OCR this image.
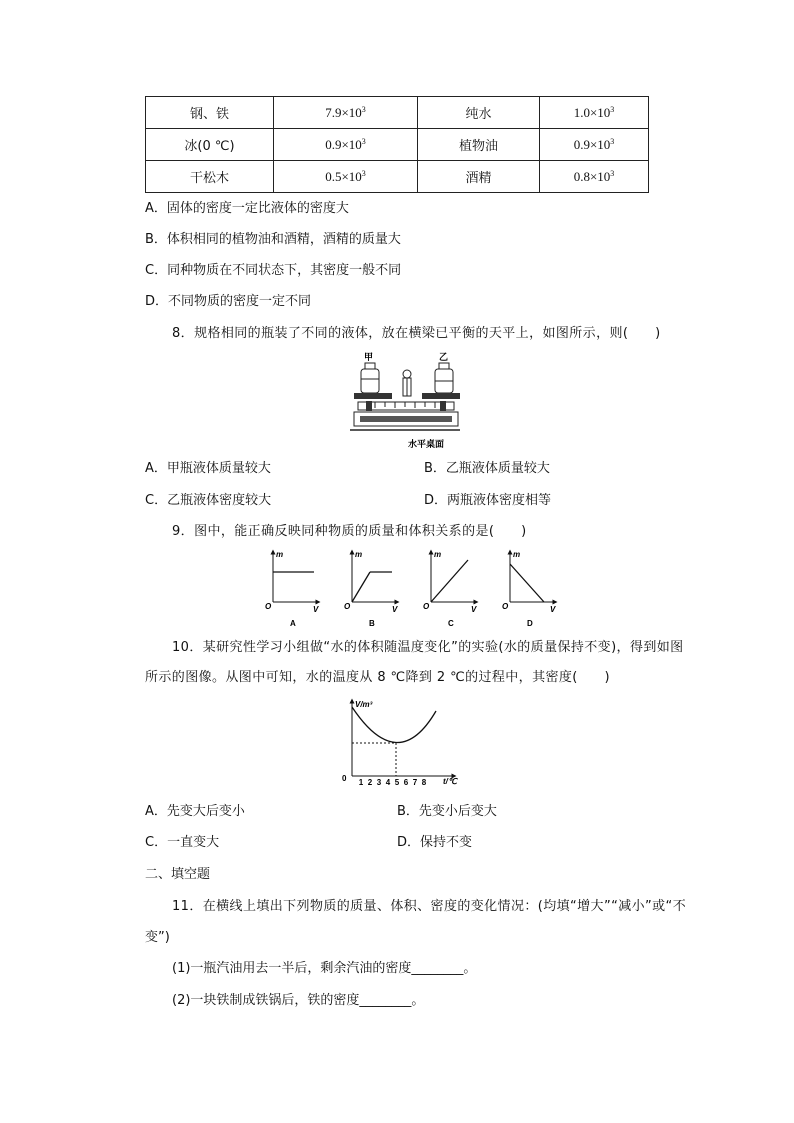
钢、铁	$7.9\times 10^3$	纯水	$1.0\times 10^3$
冰(0 ℃)	$0.9\times 10^3$	植物油	$0.9\times 10^3$
干松木	$0.5\times 10^3$	酒精	$0.8\times 10^3$
A．固体的密度一定比液体的密度大
B．体积相同的植物油和酒精，酒精的质量大
C．同种物质在不同状态下，其密度一般不同
D．不同物质的密度一定不同
8．规格相同的瓶装了不同的液体，放在横梁已平衡的天平上，如图所示，则(　　)
甲	乙
水平桌面
A．甲瓶液体质量较大	B．乙瓶液体质量较大
C．乙瓶液体密度较大	D．两瓶液体密度相等
9．图中，能正确反映同种物质的质量和体积关系的是(　　)
m
O	V
A
m
O	V
B
m
O	V
C
m
O	V
D
10．某研究性学习小组做“水的体积随温度变化”的实验(水的质量保持不变)，得到如图
所示的图像。从图中可知，水的温度从 8 ℃降到 2 ℃的过程中，其密度(　　)
V/m³
t/℃
0 1 2 3 4 5 6 7 8
A．先变大后变小	B．先变小后变大
C．一直变大	D．保持不变
二、填空题
11．在横线上填出下列物质的质量、体积、密度的变化情况：(均填“增大”“减小”或“不
变”)
(1)一瓶汽油用去一半后，剩余汽油的密度________。
(2)一块铁制成铁锅后，铁的密度________。
